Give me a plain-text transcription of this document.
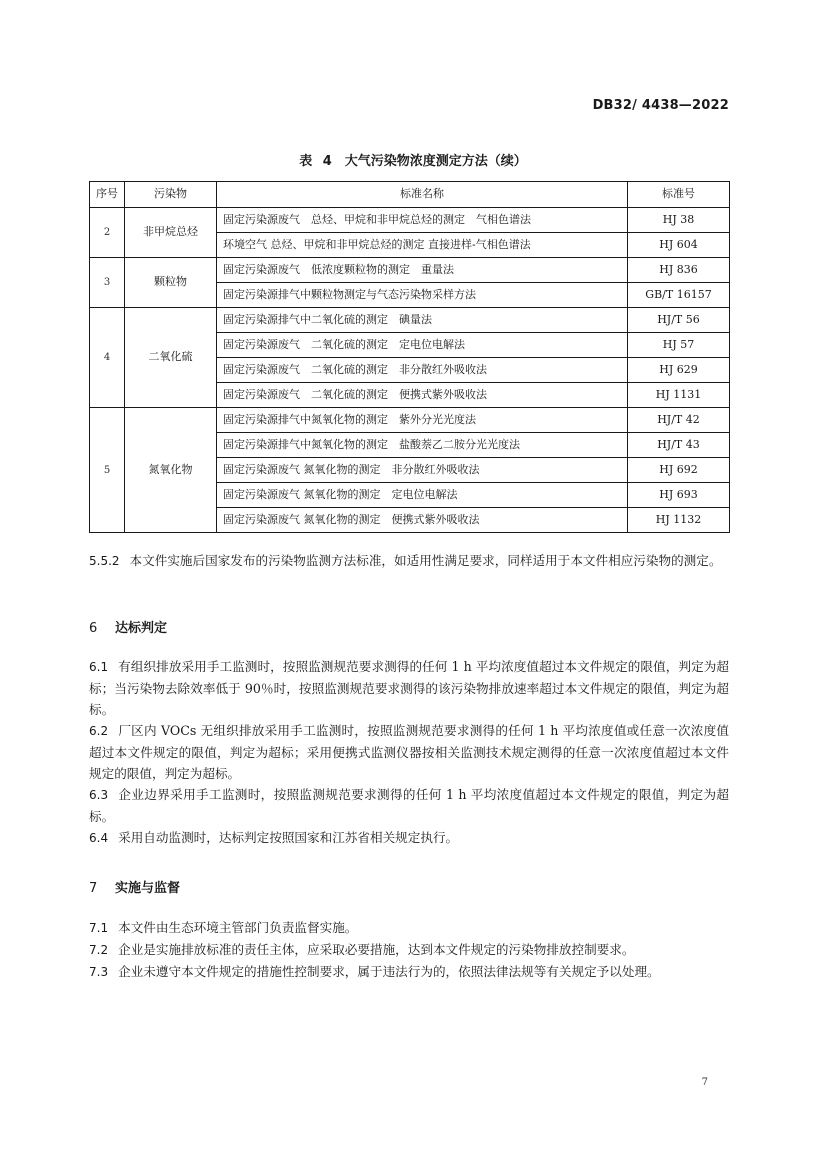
DB32/ 4438—2022
表 4　大气污染物浓度测定方法（续）
序号	污染物	标准名称	标准号
2	非甲烷总烃	固定污染源废气　总烃、甲烷和非甲烷总烃的测定　气相色谱法	HJ 38
		环境空气 总烃、甲烷和非甲烷总烃的测定 直接进样-气相色谱法	HJ 604
3	颗粒物	固定污染源废气　低浓度颗粒物的测定　重量法	HJ 836
		固定污染源排气中颗粒物测定与气态污染物采样方法	GB/T 16157
4	二氧化硫	固定污染源排气中二氧化硫的测定　碘量法	HJ/T 56
		固定污染源废气　二氧化硫的测定　定电位电解法	HJ 57
		固定污染源废气　二氧化硫的测定　非分散红外吸收法	HJ 629
		固定污染源废气　二氧化硫的测定　便携式紫外吸收法	HJ 1131
5	氮氧化物	固定污染源排气中氮氧化物的测定　紫外分光光度法	HJ/T 42
		固定污染源排气中氮氧化物的测定　盐酸萘乙二胺分光光度法	HJ/T 43
		固定污染源废气 氮氧化物的测定　非分散红外吸收法	HJ 692
		固定污染源废气 氮氧化物的测定　定电位电解法	HJ 693
		固定污染源废气 氮氧化物的测定　便携式紫外吸收法	HJ 1132

5.5.2 本文件实施后国家发布的污染物监测方法标准，如适用性满足要求，同样适用于本文件相应污染物的测定。

6 达标判定

6.1 有组织排放采用手工监测时，按照监测规范要求测得的任何 1 h 平均浓度值超过本文件规定的限值，判定为超标；当污染物去除效率低于 90％时，按照监测规范要求测得的该污染物排放速率超过本文件规定的限值，判定为超标。

6.2 厂区内 VOCs 无组织排放采用手工监测时，按照监测规范要求测得的任何 1 h 平均浓度值或任意一次浓度值超过本文件规定的限值，判定为超标；采用便携式监测仪器按相关监测技术规定测得的任意一次浓度值超过本文件规定的限值，判定为超标。

6.3 企业边界采用手工监测时，按照监测规范要求测得的任何 1 h 平均浓度值超过本文件规定的限值，判定为超标。

6.4 采用自动监测时，达标判定按照国家和江苏省相关规定执行。

7 实施与监督

7.1 本文件由生态环境主管部门负责监督实施。

7.2 企业是实施排放标准的责任主体，应采取必要措施，达到本文件规定的污染物排放控制要求。

7.3 企业未遵守本文件规定的措施性控制要求，属于违法行为的，依照法律法规等有关规定予以处理。

7
